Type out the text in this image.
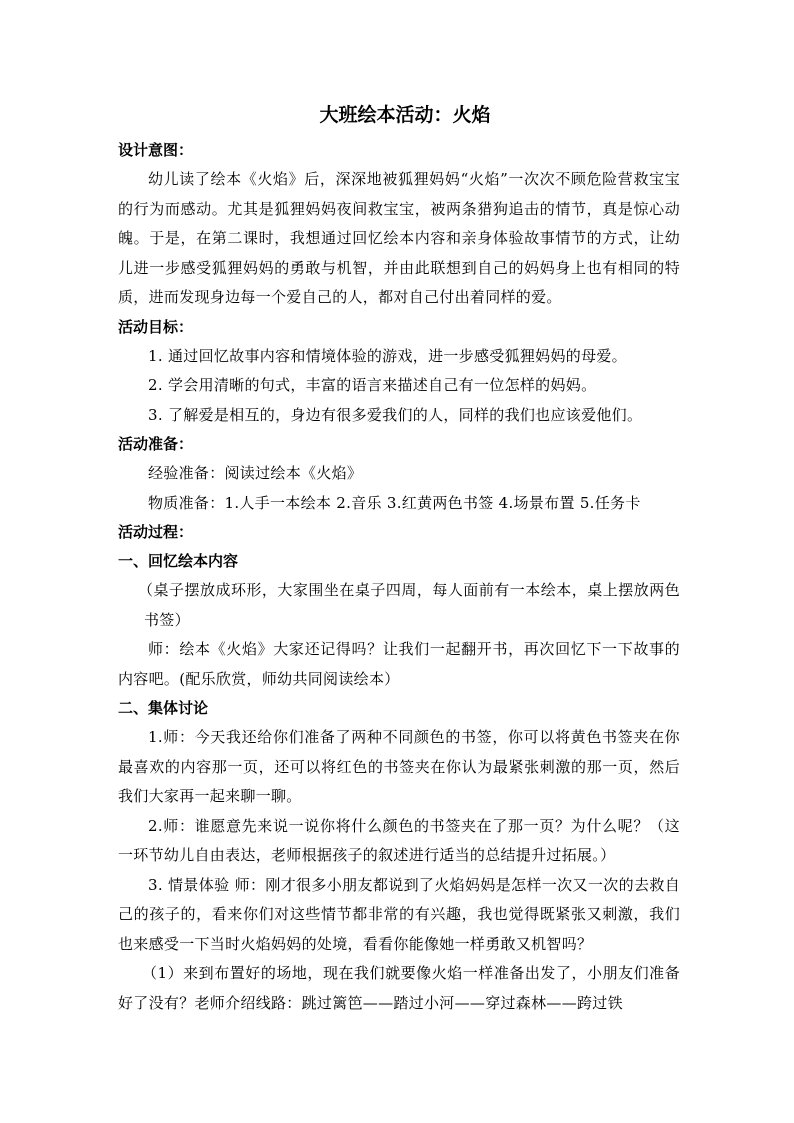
大班绘本活动：火焰
设计意图：

幼儿读了绘本《火焰》后，深深地被狐狸妈妈“火焰”一次次不顾危险营救宝宝的行为而感动。尤其是狐狸妈妈夜间救宝宝，被两条猎狗追击的情节，真是惊心动魄。于是，在第二课时，我想通过回忆绘本内容和亲身体验故事情节的方式，让幼儿进一步感受狐狸妈妈的勇敢与机智，并由此联想到自己的妈妈身上也有相同的特质，进而发现身边每一个爱自己的人，都对自己付出着同样的爱。

活动目标：

1. 通过回忆故事内容和情境体验的游戏，进一步感受狐狸妈妈的母爱。

2. 学会用清晰的句式，丰富的语言来描述自己有一位怎样的妈妈。

3. 了解爱是相互的，身边有很多爱我们的人，同样的我们也应该爱他们。

活动准备：

经验准备：阅读过绘本《火焰》

物质准备：1.人手一本绘本 2.音乐 3.红黄两色书签 4.场景布置 5.任务卡

活动过程：
一、回忆绘本内容

（桌子摆放成环形，大家围坐在桌子四周，每人面前有一本绘本，桌上摆放两色书签）

师：绘本《火焰》大家还记得吗？让我们一起翻开书，再次回忆下一下故事的内容吧。(配乐欣赏，师幼共同阅读绘本）

二、集体讨论

1.师：今天我还给你们准备了两种不同颜色的书签，你可以将黄色书签夹在你最喜欢的内容那一页，还可以将红色的书签夹在你认为最紧张刺激的那一页，然后我们大家再一起来聊一聊。

2.师：谁愿意先来说一说你将什么颜色的书签夹在了那一页？为什么呢？（这一环节幼儿自由表达，老师根据孩子的叙述进行适当的总结提升过拓展。）

3. 情景体验 师：刚才很多小朋友都说到了火焰妈妈是怎样一次又一次的去救自己的孩子的，看来你们对这些情节都非常的有兴趣，我也觉得既紧张又刺激，我们也来感受一下当时火焰妈妈的处境，看看你能像她一样勇敢又机智吗？

（1）来到布置好的场地，现在我们就要像火焰一样准备出发了，小朋友们准备好了没有？老师介绍线路：跳过篱笆——踏过小河——穿过森林——跨过铁
